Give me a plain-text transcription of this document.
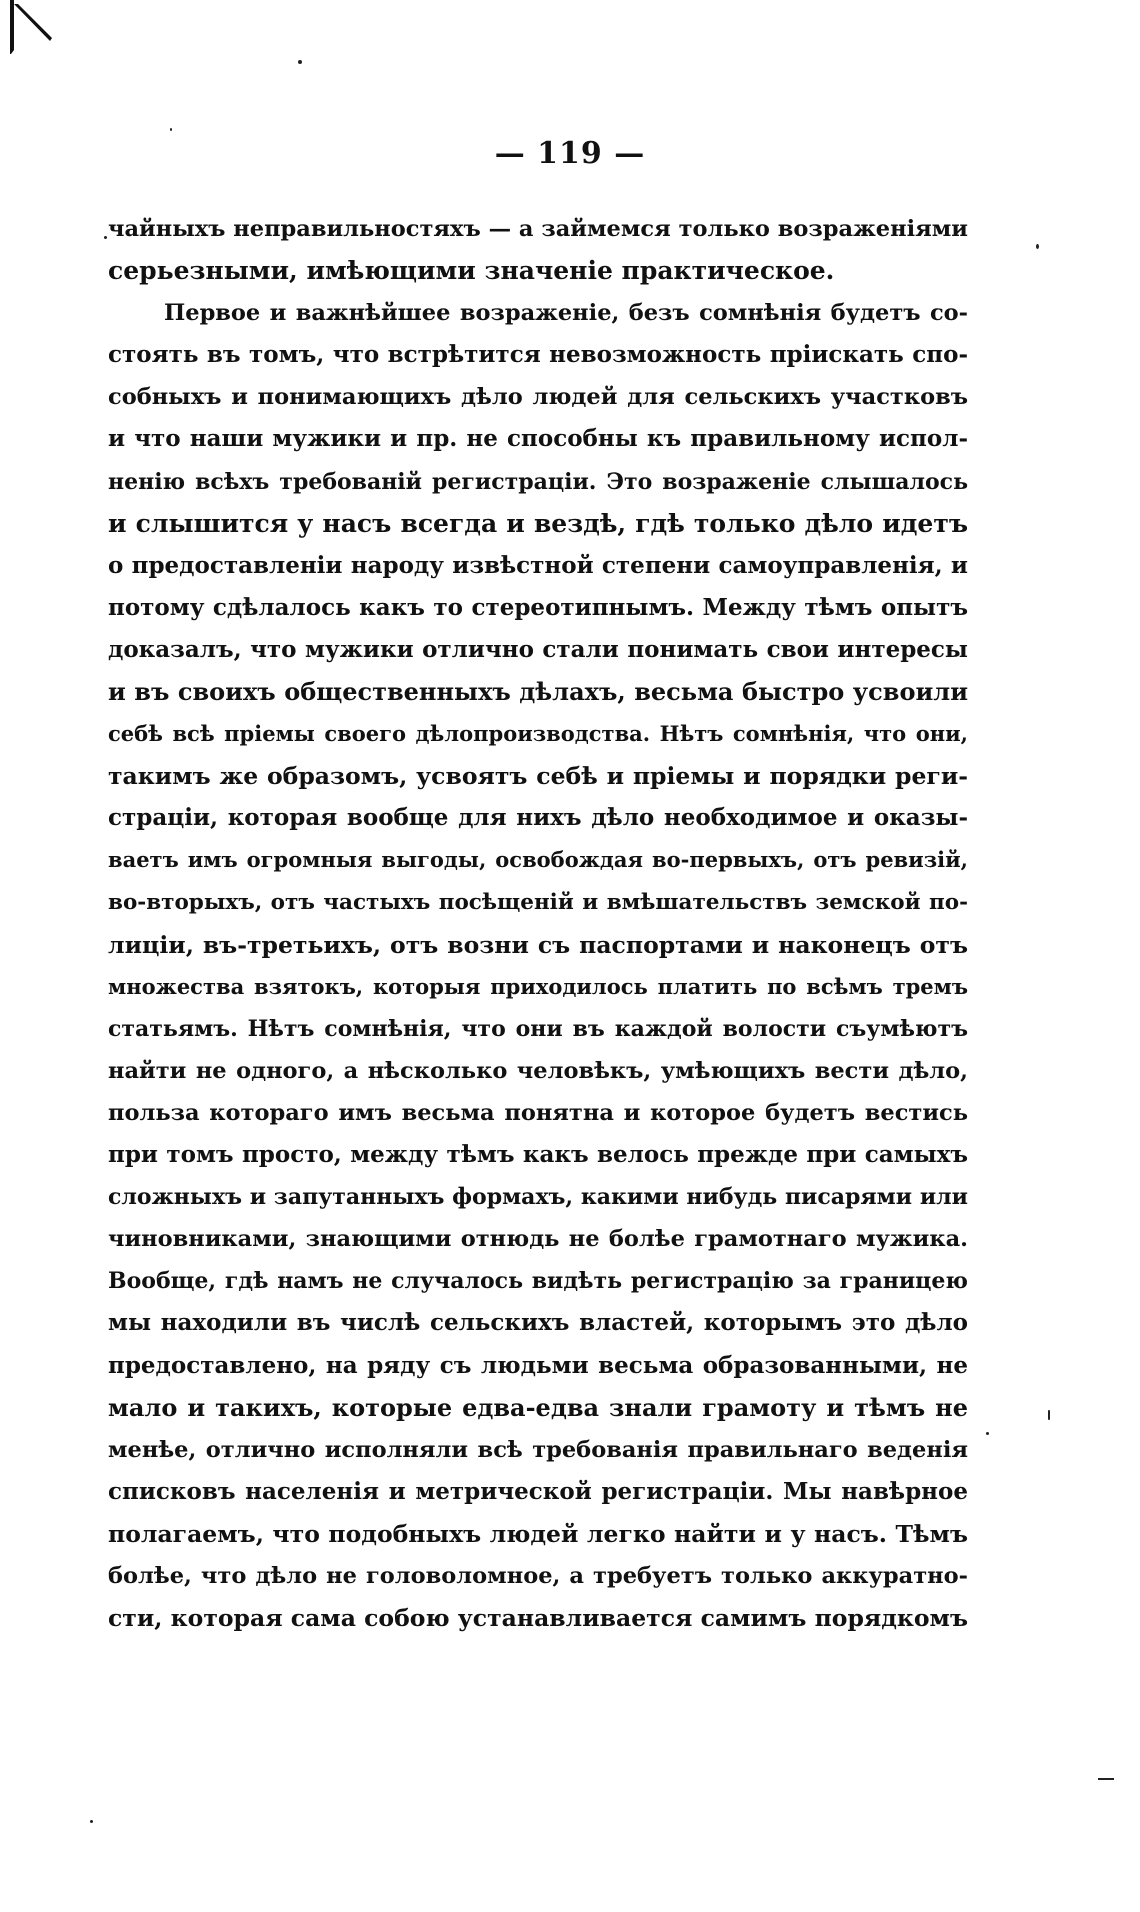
— 119 —
чайныхъ неправильностяхъ — а займемся только возраженіями
серьезными, имѣющими значеніе практическое.
Первое и важнѣйшее возраженіе, безъ сомнѣнія будетъ со-
стоять въ томъ, что встрѣтится невозможность пріискать спо-
собныхъ и понимающихъ дѣло людей для сельскихъ участковъ
и что наши мужики и пр. не способны къ правильному испол-
ненію всѣхъ требованій регистраціи. Это возраженіе слышалось
и слышится у насъ всегда и вездѣ, гдѣ только дѣло идетъ
о предоставленіи народу извѣстной степени самоуправленія, и
потому сдѣлалось какъ то стереотипнымъ. Между тѣмъ опытъ
доказалъ, что мужики отлично стали понимать свои интересы
и въ своихъ общественныхъ дѣлахъ, весьма быстро усвоили
себѣ всѣ пріемы своего дѣлопроизводства. Нѣтъ сомнѣнія, что они,
такимъ же образомъ, усвоятъ себѣ и пріемы и порядки реги-
страціи, которая вообще для нихъ дѣло необходимое и оказы-
ваетъ имъ огромныя выгоды, освобождая во-первыхъ, отъ ревизій,
во-вторыхъ, отъ частыхъ посѣщеній и вмѣшательствъ земской по-
лиціи, въ-третьихъ, отъ возни съ паспортами и наконецъ отъ
множества взятокъ, которыя приходилось платить по всѣмъ тремъ
статьямъ. Нѣтъ сомнѣнія, что они въ каждой волости съумѣютъ
найти не одного, а нѣсколько человѣкъ, умѣющихъ вести дѣло,
польза котораго имъ весьма понятна и которое будетъ вестись
при томъ просто, между тѣмъ какъ велось прежде при самыхъ
сложныхъ и запутанныхъ формахъ, какими нибудь писарями или
чиновниками, знающими отнюдь не болѣе грамотнаго мужика.
Вообще, гдѣ намъ не случалось видѣть регистрацію за границею
мы находили въ числѣ сельскихъ властей, которымъ это дѣло
предоставлено, на ряду съ людьми весьма образованными, не
мало и такихъ, которые едва-едва знали грамоту и тѣмъ не
менѣе, отлично исполняли всѣ требованія правильнаго веденія
списковъ населенія и метрической регистраціи. Мы навѣрное
полагаемъ, что подобныхъ людей легко найти и у насъ. Тѣмъ
болѣе, что дѣло не головоломное, а требуетъ только аккуратно-
сти, которая сама собою устанавливается самимъ порядкомъ
